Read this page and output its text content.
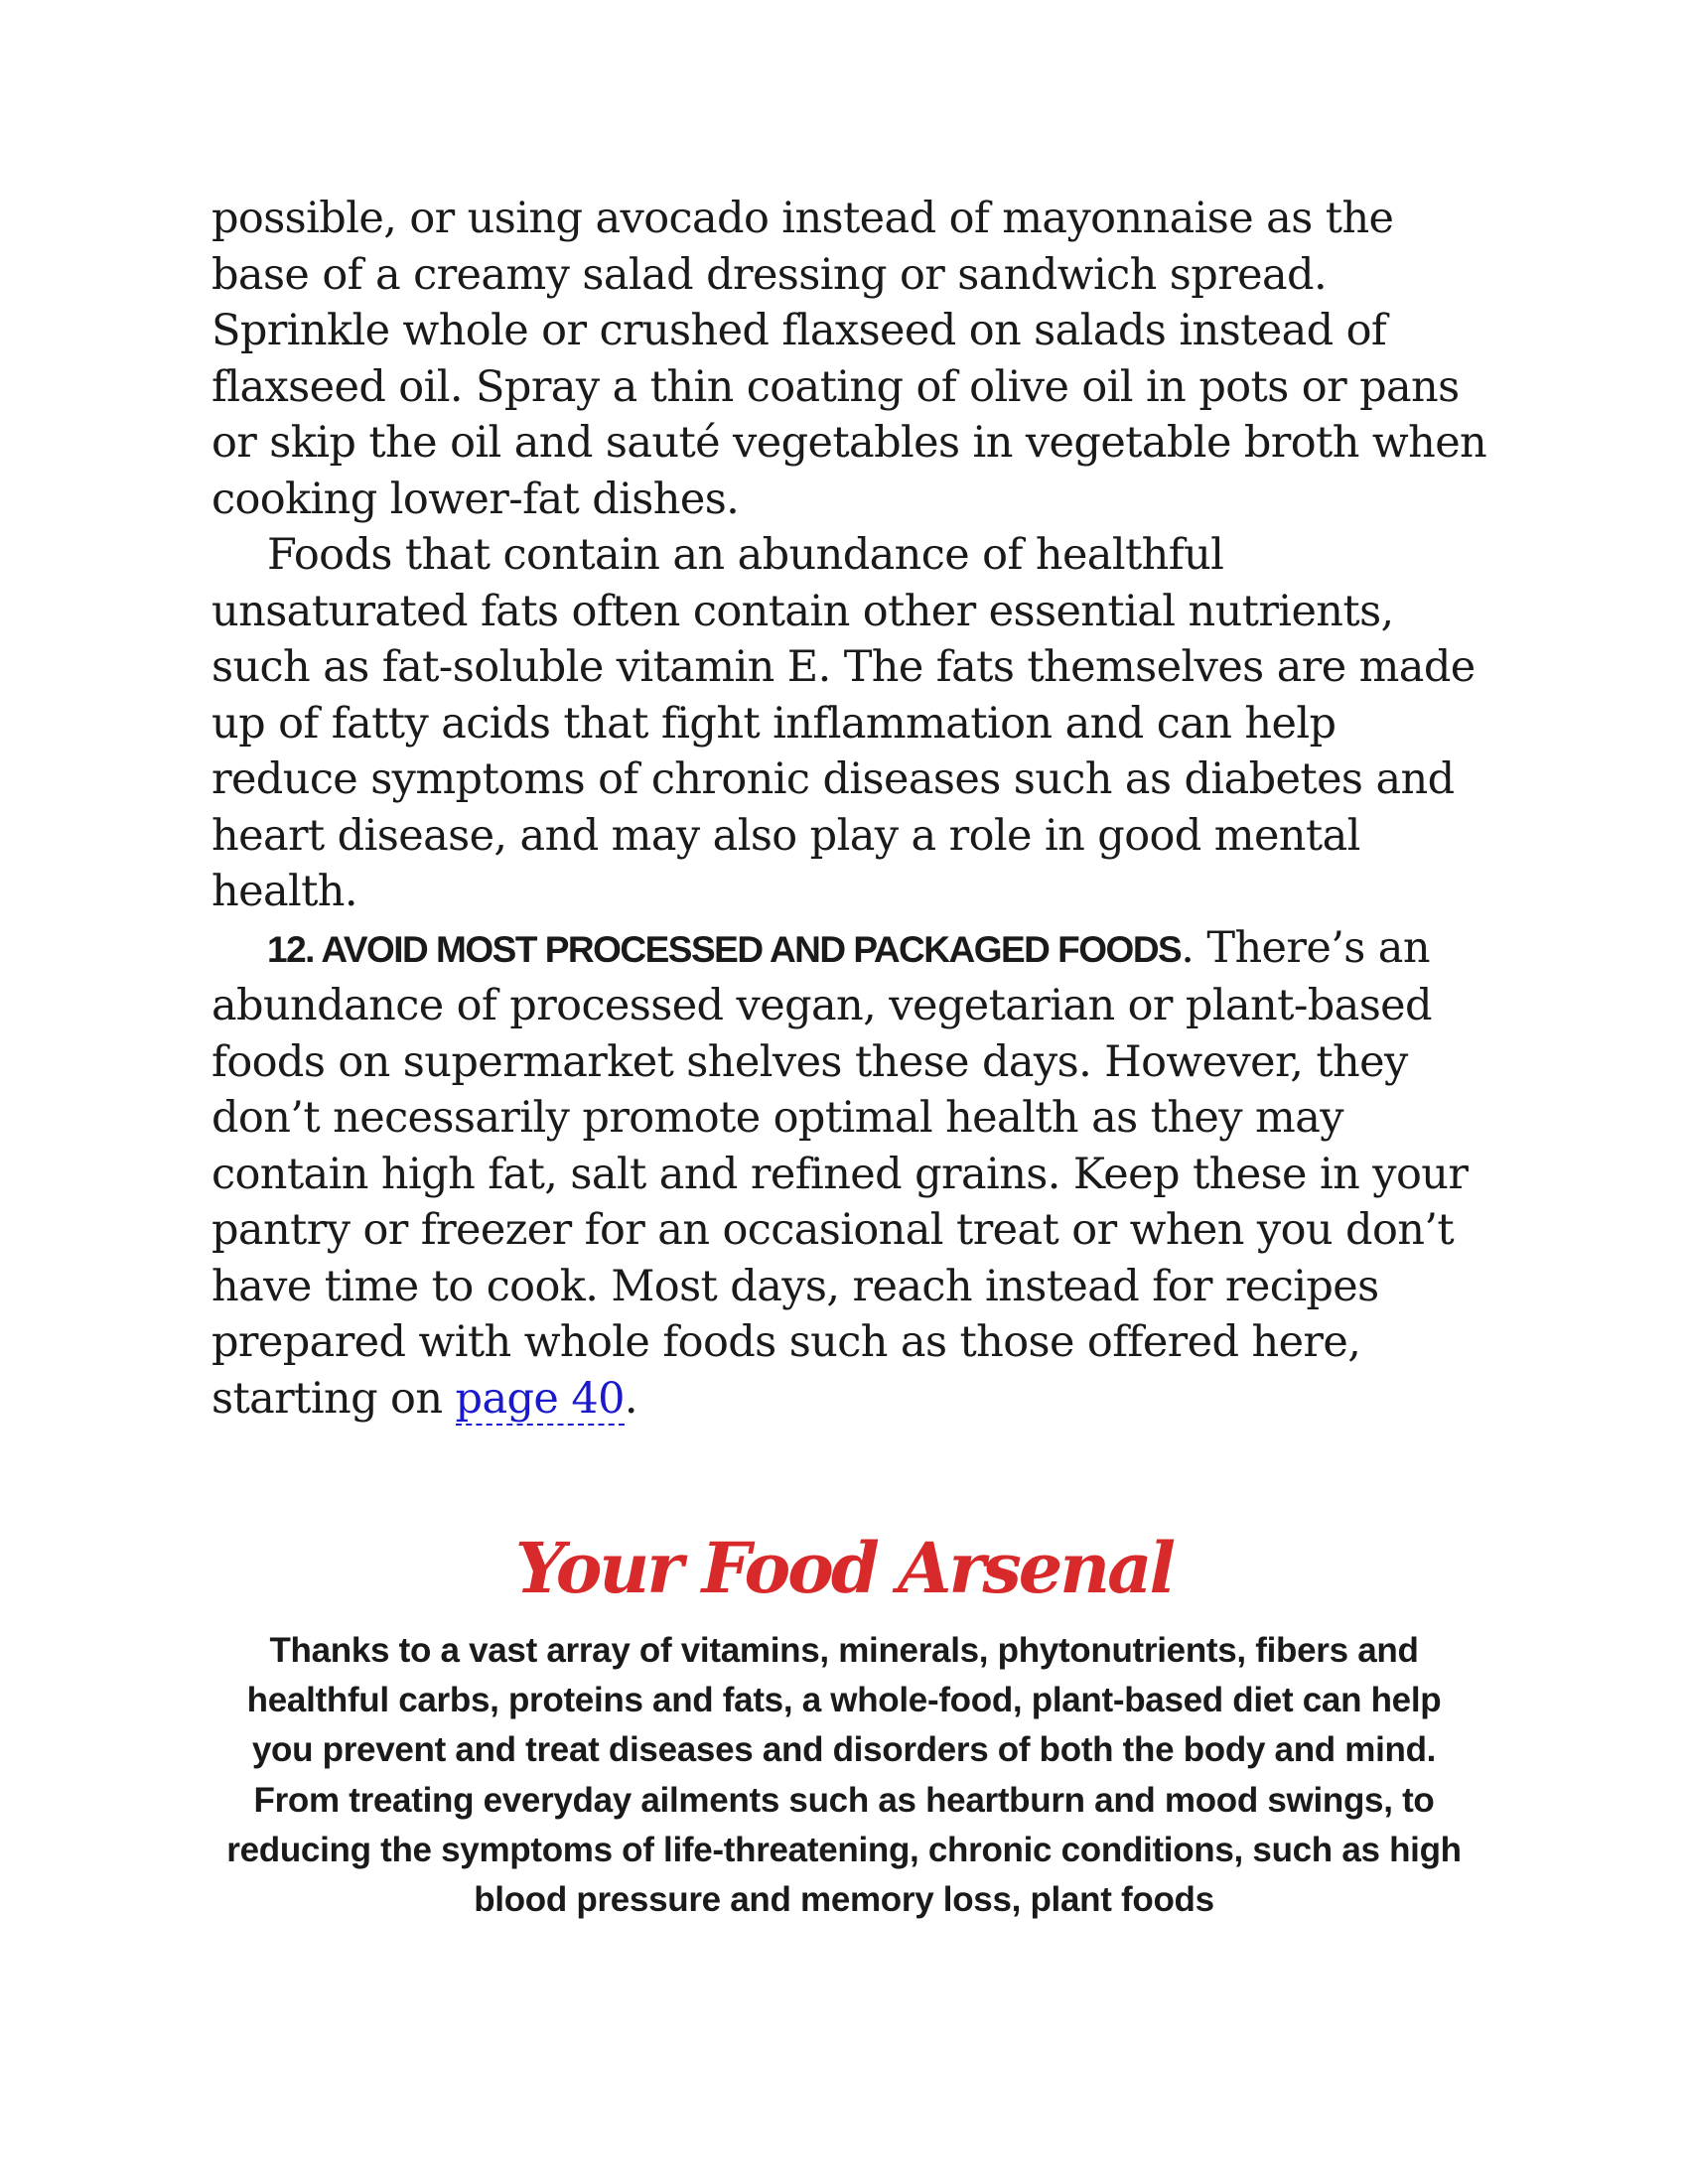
possible, or using avocado instead of mayonnaise as the base of a creamy salad dressing or sandwich spread. Sprinkle whole or crushed flaxseed on salads instead of flaxseed oil. Spray a thin coating of olive oil in pots or pans or skip the oil and sauté vegetables in vegetable broth when cooking lower-fat dishes.

Foods that contain an abundance of healthful unsaturated fats often contain other essential nutrients, such as fat-soluble vitamin E. The fats themselves are made up of fatty acids that fight inflammation and can help reduce symptoms of chronic diseases such as diabetes and heart disease, and may also play a role in good mental health.

12. AVOID MOST PROCESSED AND PACKAGED FOODS. There’s an abundance of processed vegan, vegetarian or plant-based foods on supermarket shelves these days. However, they don’t necessarily promote optimal health as they may contain high fat, salt and refined grains. Keep these in your pantry or freezer for an occasional treat or when you don’t have time to cook. Most days, reach instead for recipes prepared with whole foods such as those offered here, starting on page 40.

Your Food Arsenal

Thanks to a vast array of vitamins, minerals, phytonutrients, fibers and healthful carbs, proteins and fats, a whole-food, plant-based diet can help you prevent and treat diseases and disorders of both the body and mind. From treating everyday ailments such as heartburn and mood swings, to reducing the symptoms of life-threatening, chronic conditions, such as high blood pressure and memory loss, plant foods
